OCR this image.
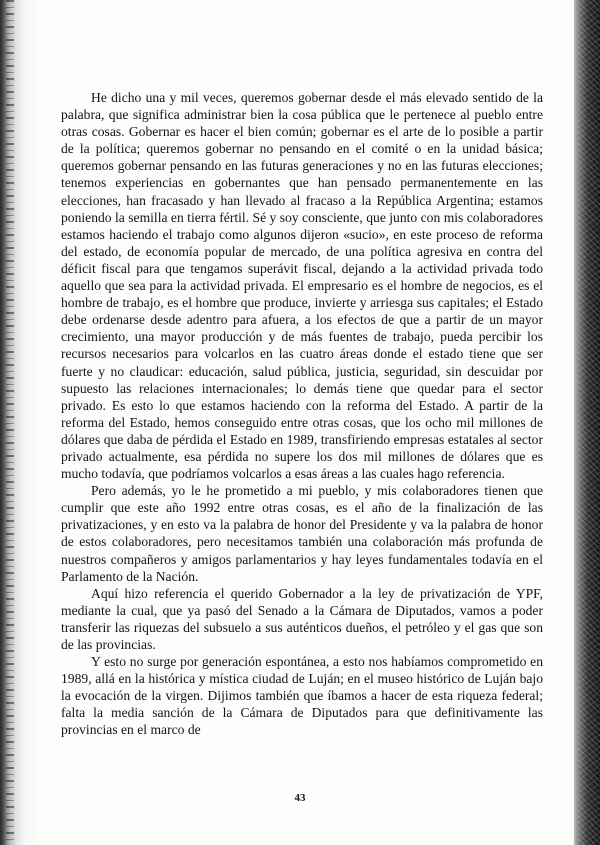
He dicho una y mil veces, queremos gobernar desde el más elevado sentido de la palabra, que significa administrar bien la cosa pública que le pertenece al pueblo entre otras cosas. Gobernar es hacer el bien común; gobernar es el arte de lo posible a partir de la política; queremos gobernar no pensando en el comité o en la unidad básica; queremos gobernar pensando en las futuras generaciones y no en las futuras elecciones; tenemos experiencias en gobernantes que han pensado permanentemente en las elecciones, han fracasado y han llevado al fracaso a la República Argentina; estamos poniendo la semilla en tierra fértil. Sé y soy consciente, que junto con mis colaboradores estamos haciendo el trabajo como algunos dijeron «sucio», en este proceso de reforma del estado, de economía popular de mercado, de una política agresiva en contra del déficit fiscal para que tengamos superávit fiscal, dejando a la actividad privada todo aquello que sea para la actividad privada. El empresario es el hombre de negocios, es el hombre de trabajo, es el hombre que produce, invierte y arriesga sus capitales; el Estado debe ordenarse desde adentro para afuera, a los efectos de que a partir de un mayor crecimiento, una mayor producción y de más fuentes de trabajo, pueda percibir los recursos necesarios para volcarlos en las cuatro áreas donde el estado tiene que ser fuerte y no claudicar: educación, salud pública, justicia, seguridad, sin descuidar por supuesto las relaciones internacionales; lo demás tiene que quedar para el sector privado. Es esto lo que estamos haciendo con la reforma del Estado. A partir de la reforma del Estado, hemos conseguido entre otras cosas, que los ocho mil millones de dólares que daba de pérdida el Estado en 1989, transfiriendo empresas estatales al sector privado actualmente, esa pérdida no supere los dos mil millones de dólares que es mucho todavía, que podríamos volcarlos a esas áreas a las cuales hago referencia.

Pero además, yo le he prometido a mi pueblo, y mis colaboradores tienen que cumplir que este año 1992 entre otras cosas, es el año de la finalización de las privatizaciones, y en esto va la palabra de honor del Presidente y va la palabra de honor de estos colaboradores, pero necesitamos también una colaboración más profunda de nuestros compañeros y amigos parlamentarios y hay leyes fundamentales todavía en el Parlamento de la Nación.

Aquí hizo referencia el querido Gobernador a la ley de privatización de YPF, mediante la cual, que ya pasó del Senado a la Cámara de Diputados, vamos a poder transferir las riquezas del subsuelo a sus auténticos dueños, el petróleo y el gas que son de las provincias.

Y esto no surge por generación espontánea, a esto nos habíamos comprometido en 1989, allá en la histórica y mística ciudad de Luján; en el museo histórico de Luján bajo la evocación de la virgen. Dijimos también que íbamos a hacer de esta riqueza federal; falta la media sanción de la Cámara de Diputados para que definitivamente las provincias en el marco de

43
